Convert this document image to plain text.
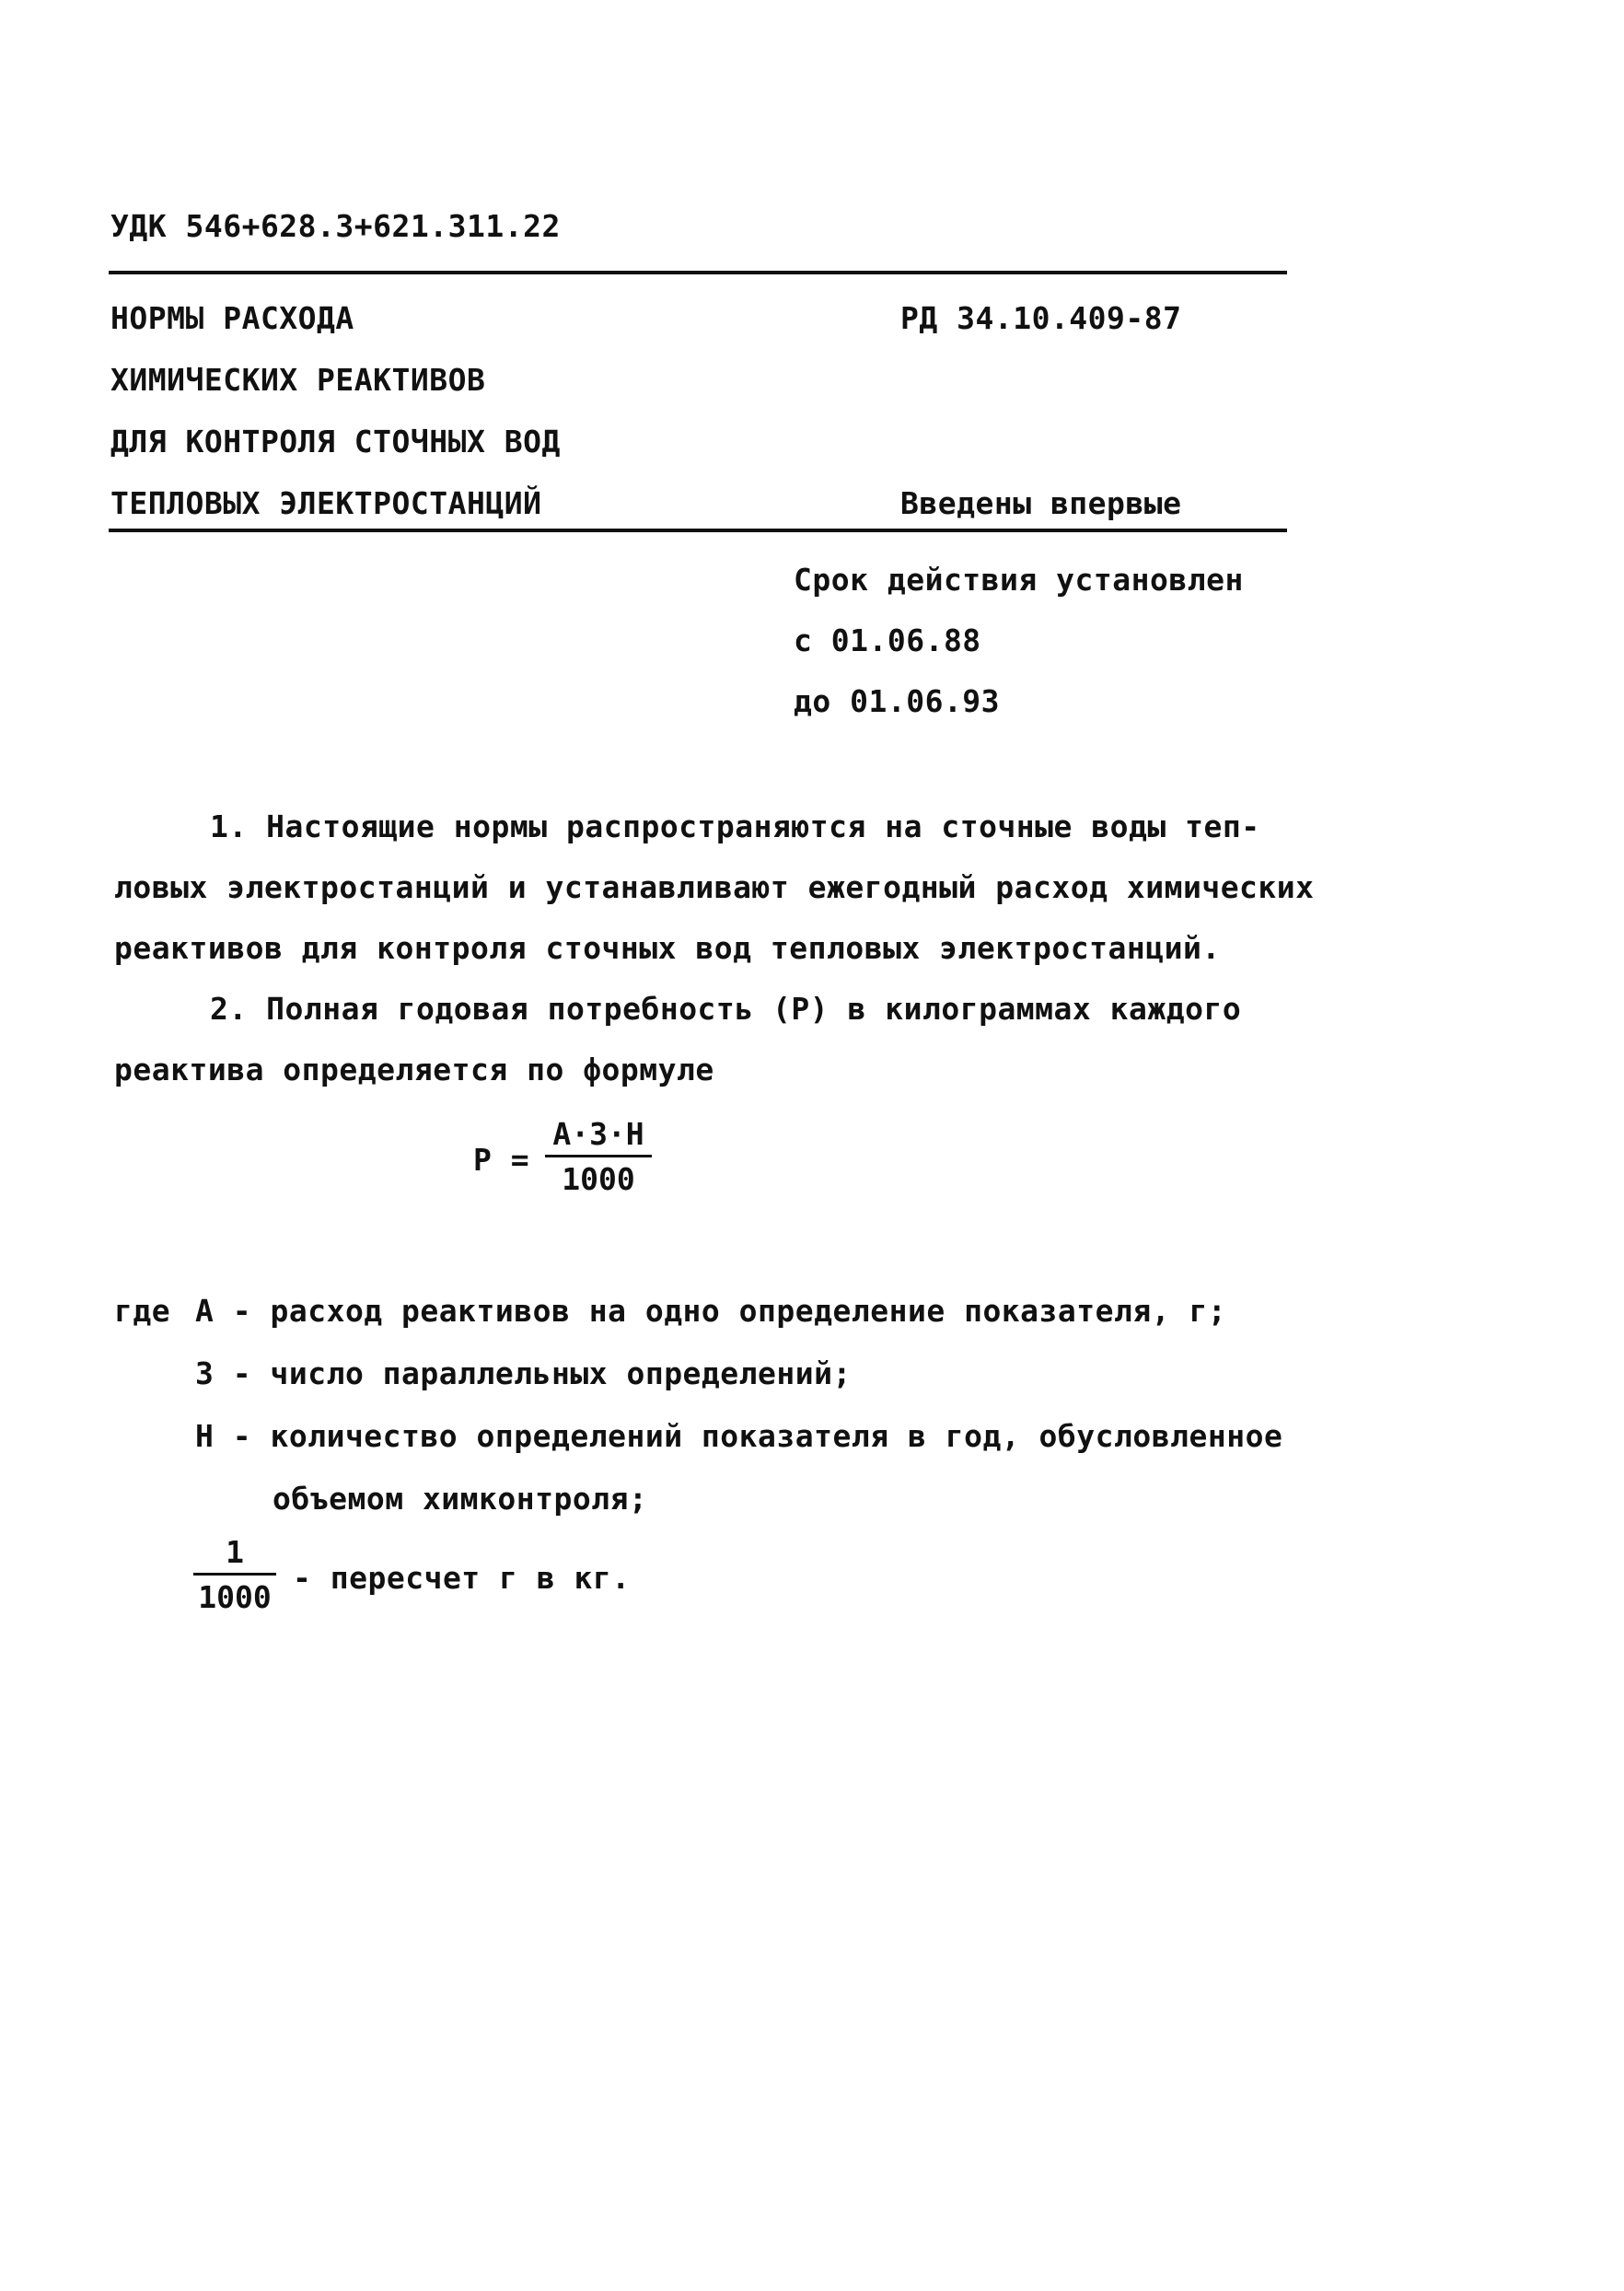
УДК 546+628.3+621.311.22
НОРМЫ РАСХОДА
ХИМИЧЕСКИХ РЕАКТИВОВ
ДЛЯ КОНТРОЛЯ СТОЧНЫХ ВОД
ТЕПЛОВЫХ ЭЛЕКТРОСТАНЦИЙ
РД 34.10.409-87
Введены впервые
Срок действия установлен
с 01.06.88
до 01.06.93
1. Настоящие нормы распространяются на сточные воды теп-
ловых электростанций и устанавливают ежегодный расход химических
реактивов для контроля сточных вод тепловых электростанций.
2. Полная годовая потребность (Р) в килограммах каждого
реактива определяется по формуле
Р =
А·З·Н
1000
где А - расход реактивов на одно определение показателя, г;
З - число параллельных определений;
Н - количество определений показателя в год, обусловленное
объемом химконтроля;
1
1000
- пересчет г в кг.
